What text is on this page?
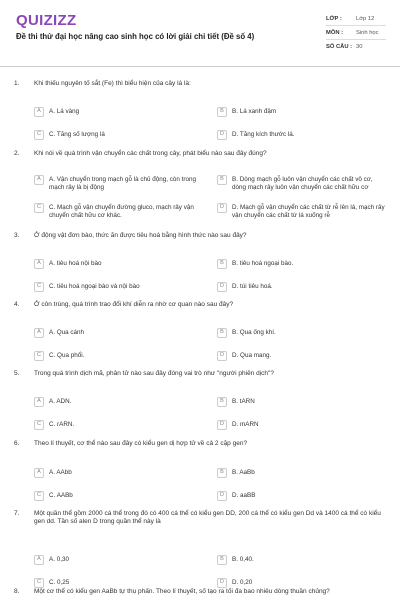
QUIZIZZ
Đề thi thử đại học nâng cao sinh học có lời giải chi tiết (Đề số 4)
LỚP :	Lớp 12
MÔN :	Sinh học
SỐ CÂU : 30
1.	Khi thiếu nguyên tố sắt (Fe) thì biểu hiện của cây lá là:
A	A. Lá vàng	B	B. Lá xanh đậm
C	C. Tăng số lượng lá	D	D. Tăng kích thước lá.
2.	Khi nói về quá trình vận chuyển các chất trong cây, phát biểu nào sau đây đúng?
A	A. Vận chuyển trong mạch gỗ là chủ động, còn trong mạch rây là bị động
B	B. Dòng mạch gỗ luôn vận chuyển các chất vô cơ, dòng mạch rây luôn vận chuyển các chất hữu cơ
C	C. Mạch gỗ vận chuyển đường gluco, mạch rây vận chuyển chất hữu cơ khác.
D	D. Mạch gỗ vận chuyển các chất từ rễ lên lá, mạch rây vận chuyển các chất từ lá xuống rễ
3.	Ở động vật đơn bào, thức ăn được tiêu hoá bằng hình thức nào sau đây?
A	A. tiêu hoá nội bào	B	B. tiêu hoá ngoại bào.
C	C. tiêu hoá ngoại bào và nội bào	D	D. túi tiêu hoá.
4.	Ở côn trùng, quá trình trao đổi khí diễn ra nhờ cơ quan nào sau đây?
A	A. Qua cánh	B	B. Qua ống khí.
C	C. Qua phổi.	D	D. Qua mang.
5.	Trong quá trình dịch mã, phân tử nào sau đây đóng vai trò như "người phiên dịch"?
A	A. ADN.	B	B. tARN
C	C. rARN.	D	D. mARN
6.	Theo lí thuyết, cơ thể nào sau đây có kiểu gen dị hợp tử về cả 2 cặp gen?
A	A. AAbb	B	B. AaBb
C	C. AABb	D	D. aaBB
7.	Một quần thể gồm 2000 cá thể trong đó có 400 cá thể có kiểu gen DD, 200 cá thể có kiểu gen Dd và 1400 cá thể có kiểu gen dd. Tần số alen D trong quần thể này là
A	A. 0,30	B	B. 0,40.
C	C. 0,25	D	D. 0,20
8.	Một cơ thể có kiểu gen AaBb tự thụ phấn. Theo lí thuyết, số tạo ra tối đa bao nhiêu dòng thuần chủng?
